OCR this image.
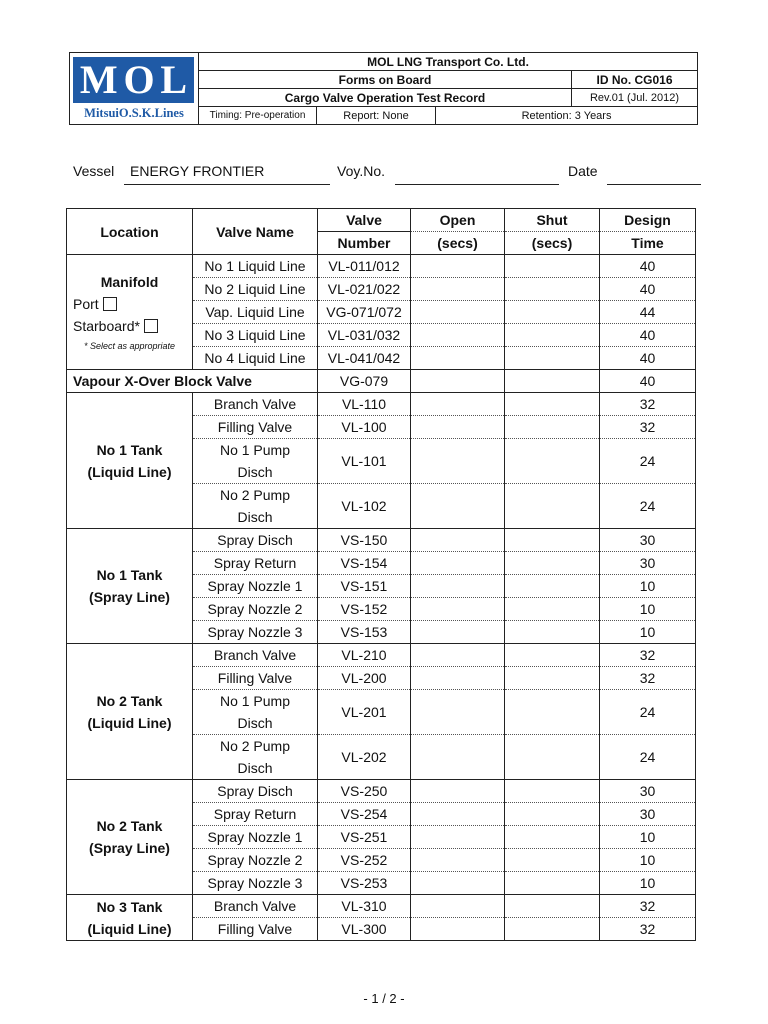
M O L
MitsuiO.S.K.Lines	MOL LNG Transport Co. Ltd.			
	Forms on Board			ID No. CG016
	Cargo Valve Operation Test Record			Rev.01 (Jul. 2012)
	Timing: Pre-operation	Report: None	Retention: 3 Years	
Vessel ENERGY FRONTIER	Voy.No.	Date
Location	Valve Name	Valve	Open	Shut	Design
		Number	(secs)	(secs)	Time

Manifold
Port
Starboard*
* Select as appropriate	No 1 Liquid Line	VL-011/012			40
	No 2 Liquid Line	VL-021/022			40
	Vap. Liquid Line	VG-071/072			44
	No 3 Liquid Line	VL-031/032			40
	No 4 Liquid Line	VL-041/042			40
Vapour X-Over Block Valve		VG-079			40

No 1 Tank
(Liquid Line)	Branch Valve	VL-110			32
	Filling Valve	VL-100			32
	No 1 Pump Disch	VL-101			24
	No 2 Pump Disch	VL-102			24

No 1 Tank
(Spray Line)	Spray Disch	VS-150			30
	Spray Return	VS-154			30
	Spray Nozzle 1	VS-151			10
	Spray Nozzle 2	VS-152			10
	Spray Nozzle 3	VS-153			10

No 2 Tank
(Liquid Line)	Branch Valve	VL-210			32
	Filling Valve	VL-200			32
	No 1 Pump Disch	VL-201			24
	No 2 Pump Disch	VL-202			24

No 2 Tank
(Spray Line)	Spray Disch	VS-250			30
	Spray Return	VS-254			30
	Spray Nozzle 1	VS-251			10
	Spray Nozzle 2	VS-252			10
	Spray Nozzle 3	VS-253			10

No 3 Tank
(Liquid Line)	Branch Valve	VL-310			32
	Filling Valve	VL-300			32
- 1 / 2 -
